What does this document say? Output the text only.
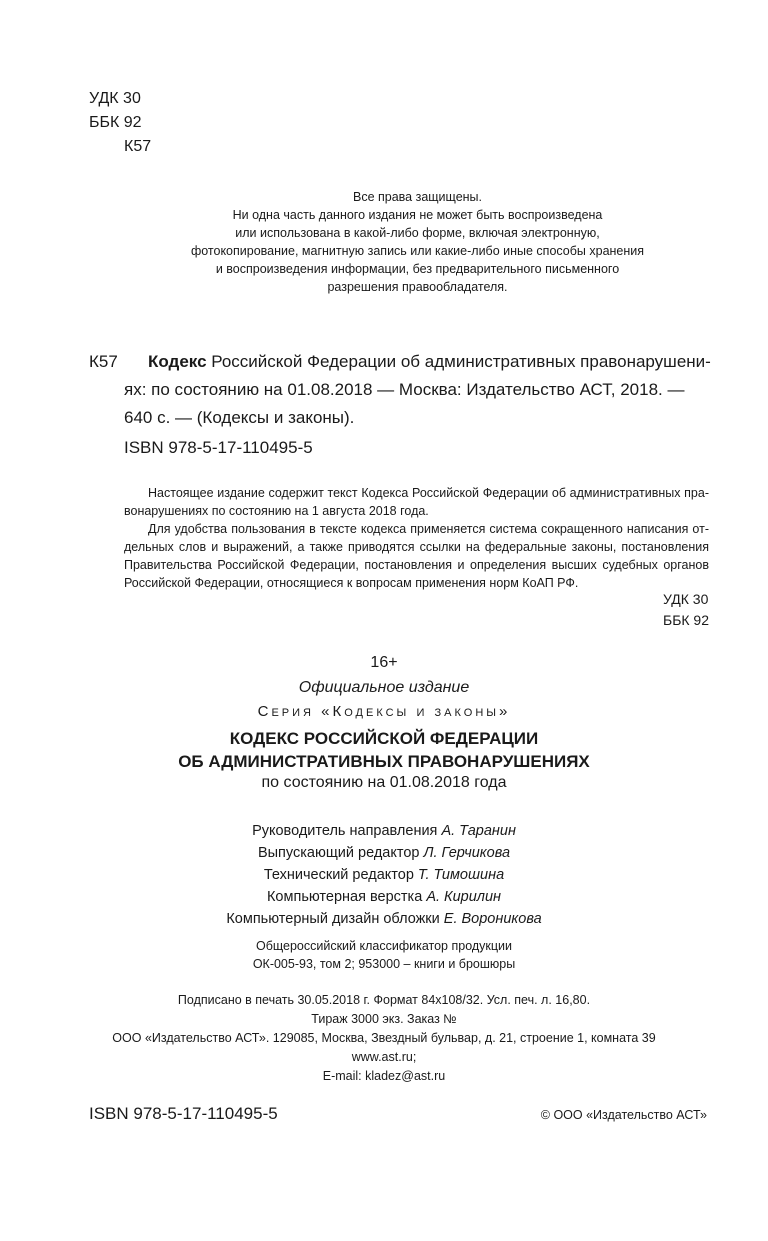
УДК 30
ББК 92
К57
Все права защищены.
Ни одна часть данного издания не может быть воспроизведена
или использована в какой-либо форме, включая электронную,
фотокопирование, магнитную запись или какие-либо иные способы хранения
и воспроизведения информации, без предварительного письменного
разрешения правообладателя.
К57	Кодекс Российской Федерации об административных правонарушени-
ях: по состоянию на 01.08.2018 — Москва: Издательство АСТ, 2018. —
640 с. — (Кодексы и законы).
ISBN 978-5-17-110495-5

Настоящее издание содержит текст Кодекса Российской Федерации об административных пра- вонарушениях по состоянию на 1 августа 2018 года.

Для удобства пользования в тексте кодекса применяется система сокращенного написания от- дельных слов и выражений, а также приводятся ссылки на федеральные законы, постановления Правительства Российской Федерации, постановления и определения высших судебных органов Российской Федерации, относящиеся к вопросам применения норм КоАП РФ.

УДК 30
ББК 92
16+
Официальное издание
Серия «Кодексы и законы»
КОДЕКС РОССИЙСКОЙ ФЕДЕРАЦИИ
ОБ АДМИНИСТРАТИВНЫХ ПРАВОНАРУШЕНИЯХ
по состоянию на 01.08.2018 года
Руководитель направления А. Таранин
Выпускающий редактор Л. Герчикова
Технический редактор Т. Тимошина
Компьютерная верстка А. Кирилин
Компьютерный дизайн обложки Е. Вороникова
Общероссийский классификатор продукции
ОК-005-93, том 2; 953000 – книги и брошюры
Подписано в печать 30.05.2018 г. Формат 84x108/32. Усл. печ. л. 16,80.
Тираж 3000 экз. Заказ №
ООО «Издательство АСТ». 129085, Москва, Звездный бульвар, д. 21, строение 1, комната 39
www.ast.ru;
E-mail: kladez@ast.ru
ISBN 978-5-17-110495-5	© ООО «Издательство АСТ»
